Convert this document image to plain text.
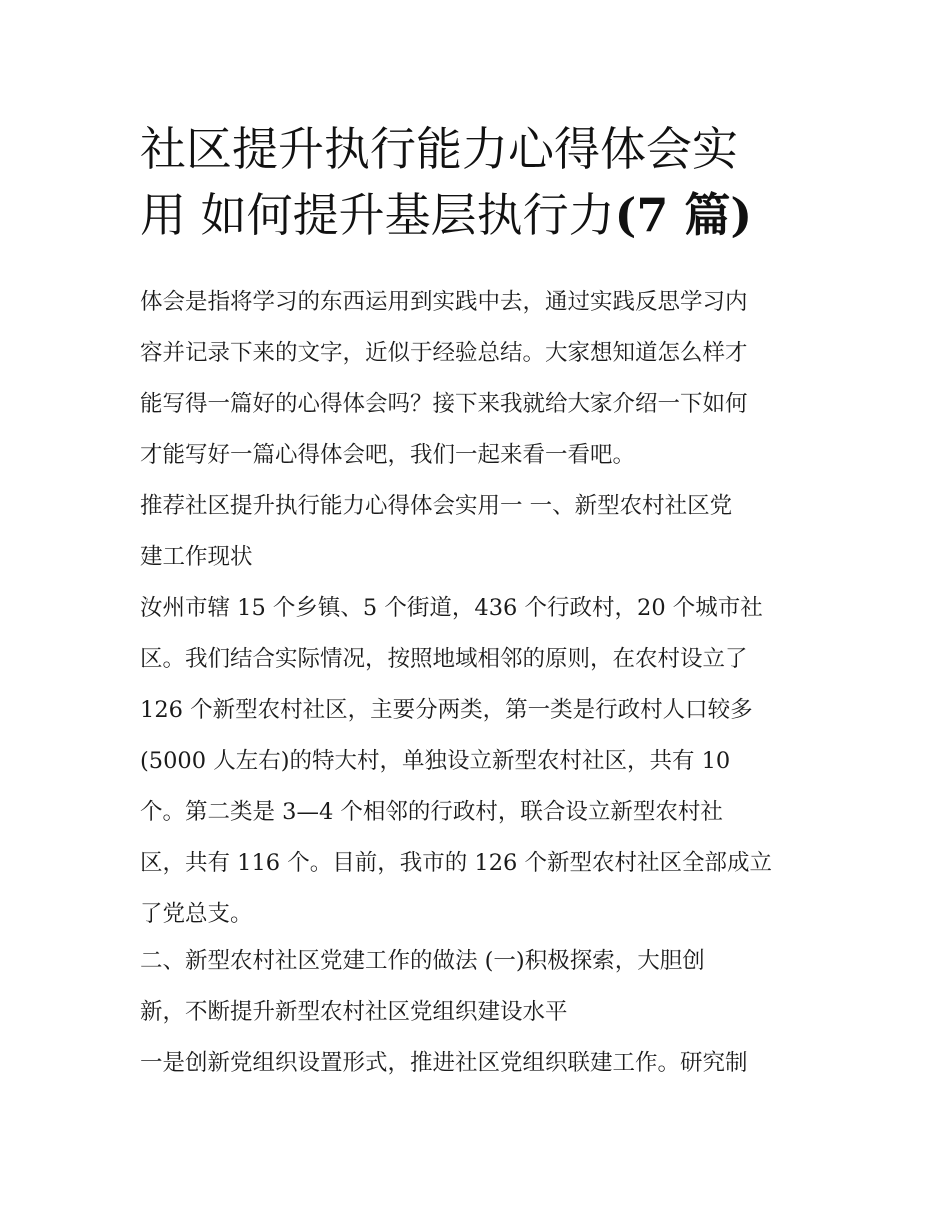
社区提升执行能力心得体会实
用 如何提升基层执行力(7 篇)

体会是指将学习的东西运用到实践中去，通过实践反思学习内

容并记录下来的文字，近似于经验总结。大家想知道怎么样才

能写得一篇好的心得体会吗？接下来我就给大家介绍一下如何

才能写好一篇心得体会吧，我们一起来看一看吧。

推荐社区提升执行能力心得体会实用一 一、新型农村社区党

建工作现状

汝州市辖 15 个乡镇、5 个街道，436 个行政村，20 个城市社

区。我们结合实际情况，按照地域相邻的原则，在农村设立了

126 个新型农村社区，主要分两类，第一类是行政村人口较多

(5000 人左右)的特大村，单独设立新型农村社区，共有 10

个。第二类是 3—4 个相邻的行政村，联合设立新型农村社

区，共有 116 个。目前，我市的 126 个新型农村社区全部成立

了党总支。

二、新型农村社区党建工作的做法 (一)积极探索，大胆创

新，不断提升新型农村社区党组织建设水平

一是创新党组织设置形式，推进社区党组织联建工作。研究制
